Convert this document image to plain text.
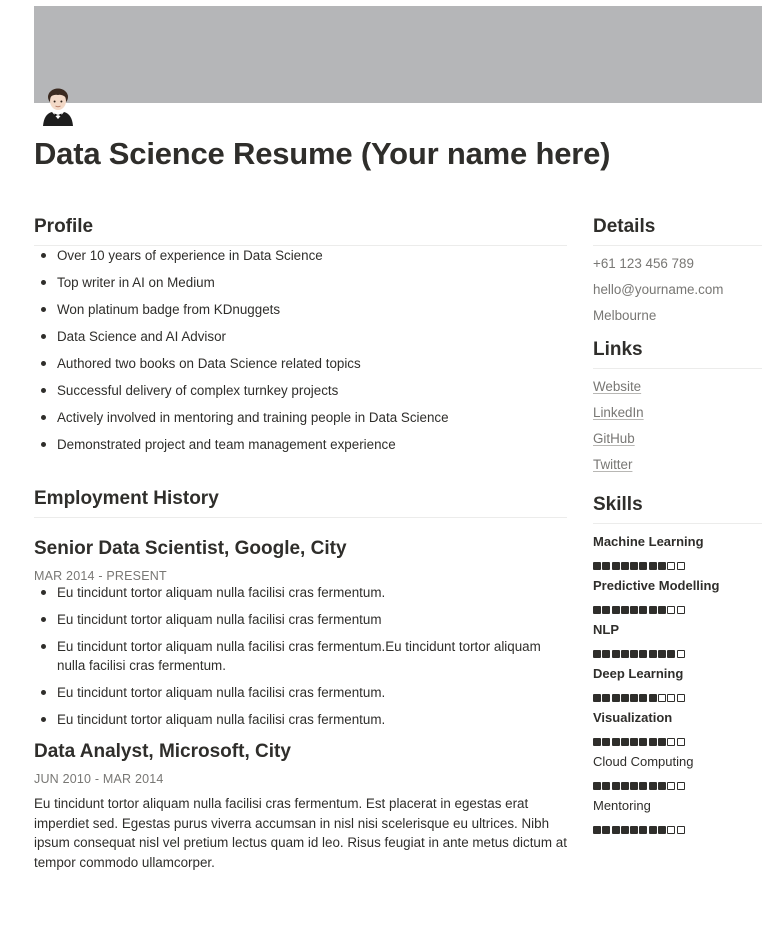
Data Science Resume (Your name here)
Profile
Over 10 years of experience in Data Science
Top writer in AI on Medium
Won platinum badge from KDnuggets
Data Science and AI Advisor
Authored two books on Data Science related topics
Successful delivery of complex turnkey projects
Actively involved in mentoring and training people in Data Science
Demonstrated project and team management experience
Employment History
Senior Data Scientist, Google, City
MAR 2014 - PRESENT
Eu tincidunt tortor aliquam nulla facilisi cras fermentum.
Eu tincidunt tortor aliquam nulla facilisi cras fermentum
Eu tincidunt tortor aliquam nulla facilisi cras fermentum.Eu tincidunt tortor aliquam nulla facilisi cras fermentum.
Eu tincidunt tortor aliquam nulla facilisi cras fermentum.
Eu tincidunt tortor aliquam nulla facilisi cras fermentum.
Data Analyst, Microsoft, City
JUN 2010 - MAR 2014

Eu tincidunt tortor aliquam nulla facilisi cras fermentum. Est placerat in egestas erat imperdiet sed. Egestas purus viverra accumsan in nisl nisi scelerisque eu ultrices. Nibh ipsum consequat nisl vel pretium lectus quam id leo. Risus feugiat in ante metus dictum at tempor commodo ullamcorper.

Details
+61 123 456 789
hello@yourname.com
Melbourne
Links
Website
LinkedIn
GitHub
Twitter
Skills
Machine Learning
Predictive Modelling
NLP
Deep Learning
Visualization
Cloud Computing
Mentoring
